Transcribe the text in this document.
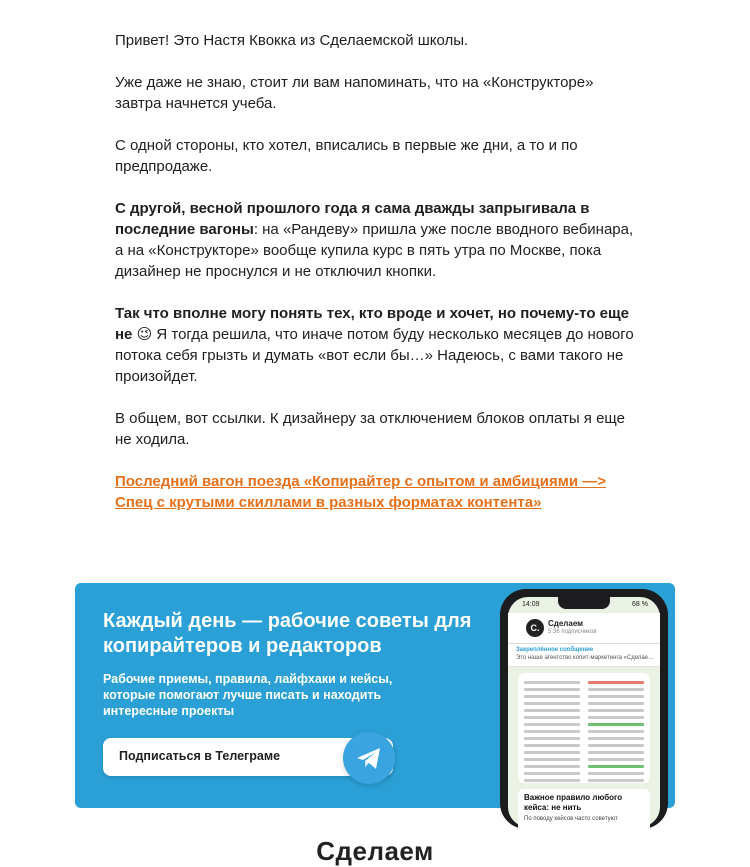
Привет! Это Настя Квокка из Сделаемской школы.

Уже даже не знаю, стоит ли вам напоминать, что на «Конструкторе» завтра начнется учеба.

С одной стороны, кто хотел, вписались в первые же дни, а то и по предпродаже.

С другой, весной прошлого года я сама дважды запрыгивала в последние вагоны: на «Рандеву» пришла уже после вводного вебинара, а на «Конструкторе» вообще купила курс в пять утра по Москве, пока дизайнер не проснулся и не отключил кнопки.

Так что вполне могу понять тех, кто вроде и хочет, но почему-то еще не 😉 Я тогда решила, что иначе потом буду несколько месяцев до нового потока себя грызть и думать «вот если бы…» Надеюсь, с вами такого не произойдет.

В общем, вот ссылки. К дизайнеру за отключением блоков оплаты я еще не ходила.

Последний вагон поезда «Копирайтер с опытом и амбициями —> Спец с крутыми скиллами в разных форматах контента»

Каждый день — рабочие советы для копирайтеров и редакторов
Рабочие приемы, правила, лайфхаки и кейсы, которые помогают лучше писать и находить интересные проекты
Подписаться в Телеграме
14:09	68 %
С.	Сделаем
5 36 подписчиков
Закреплённое сообщение
Это наше агентство копит-маркетинга «Сделае…
Важное правило любого кейса: не нить
По поводу кейсов часто советуют
Сделаем
